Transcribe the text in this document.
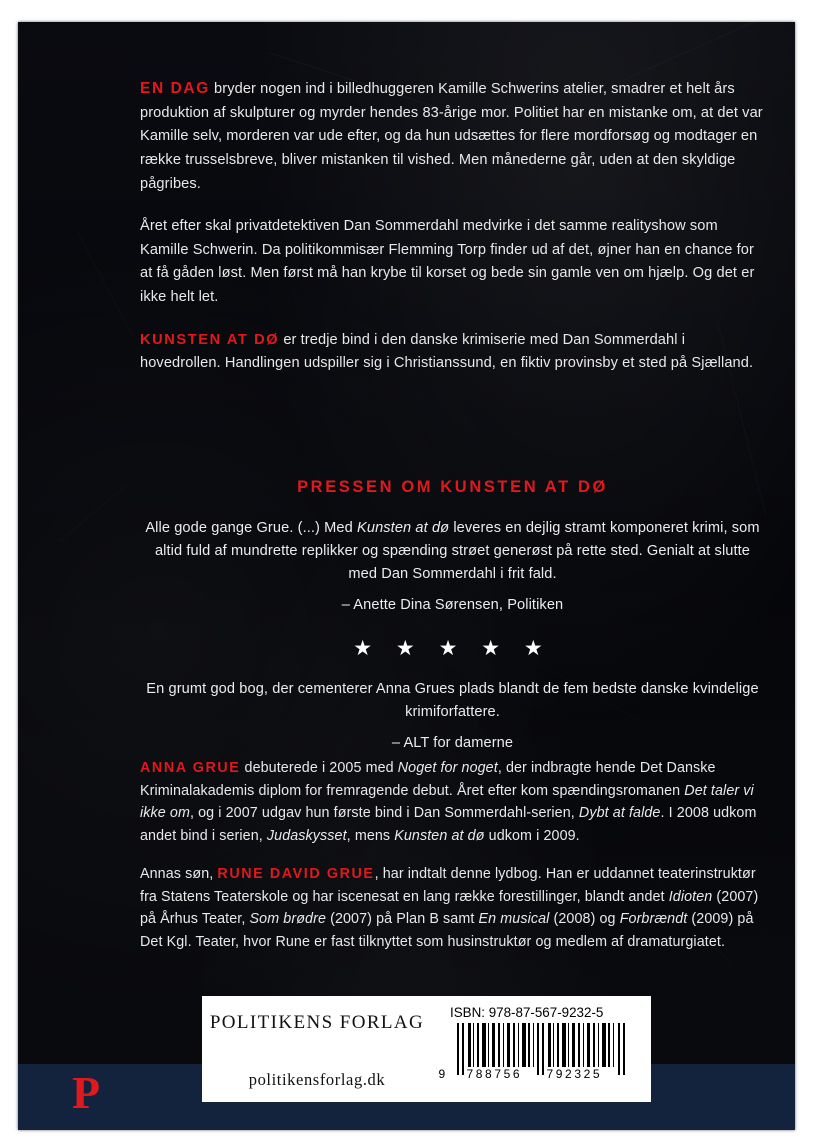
EN DAG bryder nogen ind i billedhuggeren Kamille Schwerins atelier, smadrer et helt års produktion af skulpturer og myrder hendes 83-årige mor. Politiet har en mistanke om, at det var Kamille selv, morderen var ude efter, og da hun udsættes for flere mordforsøg og modtager en række trusselsbreve, bliver mistanken til vished. Men månederne går, uden at den skyldige pågribes.

Året efter skal privatdetektiven Dan Sommerdahl medvirke i det samme realityshow som Kamille Schwerin. Da politikommisær Flemming Torp finder ud af det, øjner han en chance for at få gåden løst. Men først må han krybe til korset og bede sin gamle ven om hjælp. Og det er ikke helt let.

KUNSTEN AT DØ er tredje bind i den danske krimiserie med Dan Sommerdahl i hovedrollen. Handlingen udspiller sig i Christianssund, en fiktiv provinsby et sted på Sjælland.

PRESSEN OM KUNSTEN AT DØ

Alle gode gange Grue. (...) Med Kunsten at dø leveres en dejlig stramt komponeret krimi, som altid fuld af mundrette replikker og spænding strøet generøst på rette sted. Genialt at slutte med Dan Sommerdahl i frit fald.

– Anette Dina Sørensen, Politiken

★ ★ ★ ★ ★

En grumt god bog, der cementerer Anna Grues plads blandt de fem bedste danske kvindelige krimiforfattere.

– ALT for damerne

ANNA GRUE debuterede i 2005 med Noget for noget, der indbragte hende Det Danske Kriminalakademis diplom for fremragende debut. Året efter kom spændingsromanen Det taler vi ikke om, og i 2007 udgav hun første bind i Dan Sommerdahl-serien, Dybt at falde. I 2008 udkom andet bind i serien, Judaskysset, mens Kunsten at dø udkom i 2009.

Annas søn, RUNE DAVID GRUE, har indtalt denne lydbog. Han er uddannet teaterinstruktør fra Statens Teaterskole og har iscenesat en lang række forestillinger, blandt andet Idioten (2007) på Århus Teater, Som brødre (2007) på Plan B samt En musical (2008) og Forbrændt (2009) på Det Kgl. Teater, hvor Rune er fast tilknyttet som husinstruktør og medlem af dramaturgiatet.

P
POLITIKENS FORLAG
politikensforlag.dk
ISBN: 978-87-567-9232-5
9 788756 792325
